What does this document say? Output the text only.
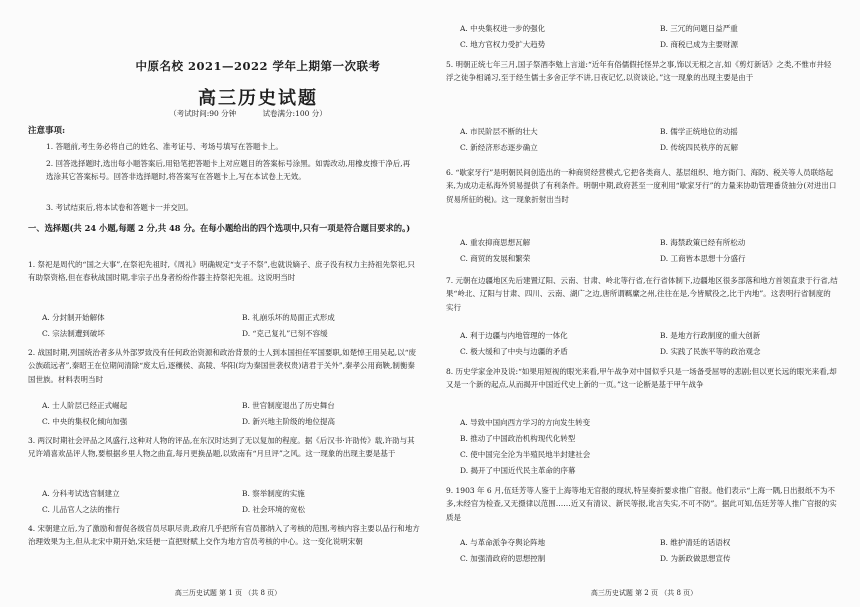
中原名校 2021—2022 学年上期第一次联考
高三历史试题
（考试时间:90 分钟	试卷满分:100 分）
注意事项:
1. 答题前,考生务必将自己的姓名、准考证号、考场号填写在答题卡上。
2. 回答选择题时,选出每小题答案后,用铅笔把答题卡上对应题目的答案标号涂黑。如需改动,用橡皮擦干净后,再选涂其它答案标号。回答非选择题时,将答案写在答题卡上,写在本试卷上无效。
3. 考试结束后,将本试卷和答题卡一并交回。
一、选择题(共 24 小题,每题 2 分,共 48 分。在每小题给出的四个选项中,只有一项是符合题目要求的。)
1. 祭祀是周代的“国之大事”,在祭祀先祖时,《周礼》明确规定“支子不祭”,也就说嫡子、庶子没有权力主持祖先祭祀,只有助祭资格,但在春秋战国时期,非宗子出身者纷纷作器主持祭祀先祖。这说明当时
A. 分封制开始解体	B. 礼崩乐坏的局面正式形成
C. 宗法制遭到破坏	D. “克己复礼”已刻不容缓
2. 战国时期,列国统治者多从外部罗致没有任何政治资源和政治背景的士人到本国担任军国要职,如楚悼王用吴起,以“废公族疏远者”,秦昭王在位期间清除“废太后,逐穰侯、高陵、华阳(均为秦国世袭权贵)诸君于关外”,秦孝公用商鞅,制衡秦国世族。材料表明当时
A. 士人阶层已经正式崛起	B. 世官制度退出了历史舞台
C. 中央的集权化倾向加强	D. 新兴地主阶级的地位提高
3. 两汉时期社会评品之风盛行,这种对人物的评品,在东汉时达到了无以复加的程度。据《后汉书·许劭传》载,许劭与其兄许靖喜欢品评人物,要根据乡里人物之曲直,每月更换品题,以致南有“月旦评”之风。这一现象的出现主要是基于
A. 分科考试选官制建立	B. 察举制度的实施
C. 儿品官人之法的推行	D. 社会环境的宽松
4. 宋朝建立后,为了激励和督促各级官员尽职尽责,政府几乎把所有官员都纳入了考核的范围,考核内容主要以品行和地方治理效果为主,但从北宋中期开始,宋廷便一直把财赋上交作为地方官员考核的中心。这一变化说明宋朝
高三历史试题 第 1 页 （共 8 页）
A. 中央集权进一步的强化	B. 三冗的问题日益严重
C. 地方官权力受扩大趋势	D. 商税已成为主要财源
5. 明朝正统七年三月,国子祭酒李勉上言道:“近年有俗儒假托怪异之事,饰以无根之言,如《剪灯新话》之类,不惟市井轻浮之徒争相诵习,至于经生儒士多舍正学不讲,日夜记忆,以资谈论。”这一现象的出现主要是由于
A. 市民阶层不断的壮大	B. 儒学正统地位的动摇
C. 新经济形态逐步确立	D. 传统四民秩序的瓦解
6. “歇家牙行”是明朝民间创造出的一种商贸经营模式,它把各类商人、基层组织、地方衙门、海防、税关等人员联络起来,为成功走私海外贸易提供了有利条件。明朝中期,政府甚至一度利用“歇家牙行”的力量来协助管理番货抽分(对进出口贸易所征的税)。这一现象折射出当时
A. 重农抑商思想瓦解	B. 海禁政策已经有所松动
C. 商贸的发展和繁荣	D. 工商皆本思想十分盛行
7. 元朝在边疆地区先后建置辽阳、云南、甘肃、岭北等行省,在行省体制下,边疆地区很多部落和地方首领直隶于行省,结果“岭北、辽阳与甘肃、四川、云南、湖广之边,唐所谓羁縻之州,往往在是,今皆赋役之,比于内地”。这表明行省制度的实行
A. 利于边疆与内地管理的一体化	B. 是地方行政制度的重大创新
C. 极大缓和了中央与边疆的矛盾	D. 实践了民族平等的政治观念
8. 历史学家金冲及说:“如果用短视的眼光来看,甲午战争对中国似乎只是一场备受屈辱的悲剧;但以更长远的眼光来看,却又是一个新的起点,从而揭开中国近代史上新的一页。”这一论断是基于甲午战争
A. 导致中国向西方学习的方向发生转变
B. 推动了中国政治机构现代化转型
C. 使中国完全沦为半殖民地半封建社会
D. 揭开了中国近代民主革命的序幕
9. 1903 年 6 月,伍廷芳等人鉴于上海等地无官报的现状,特呈奏折要求推广官报。他们表示“上海一隅,日出报纸不为不多,未经官为检查,又无摄律以范围……近又有清议、新民等报,讹言失实,不可不防”。据此可知,伍廷芳等人推广官报的实质是
A. 与革命派争夺舆论阵地	B. 维护清廷的话语权
C. 加强清政府的思想控制	D. 为新政做思想宣传
高三历史试题 第 2 页 （共 8 页）
